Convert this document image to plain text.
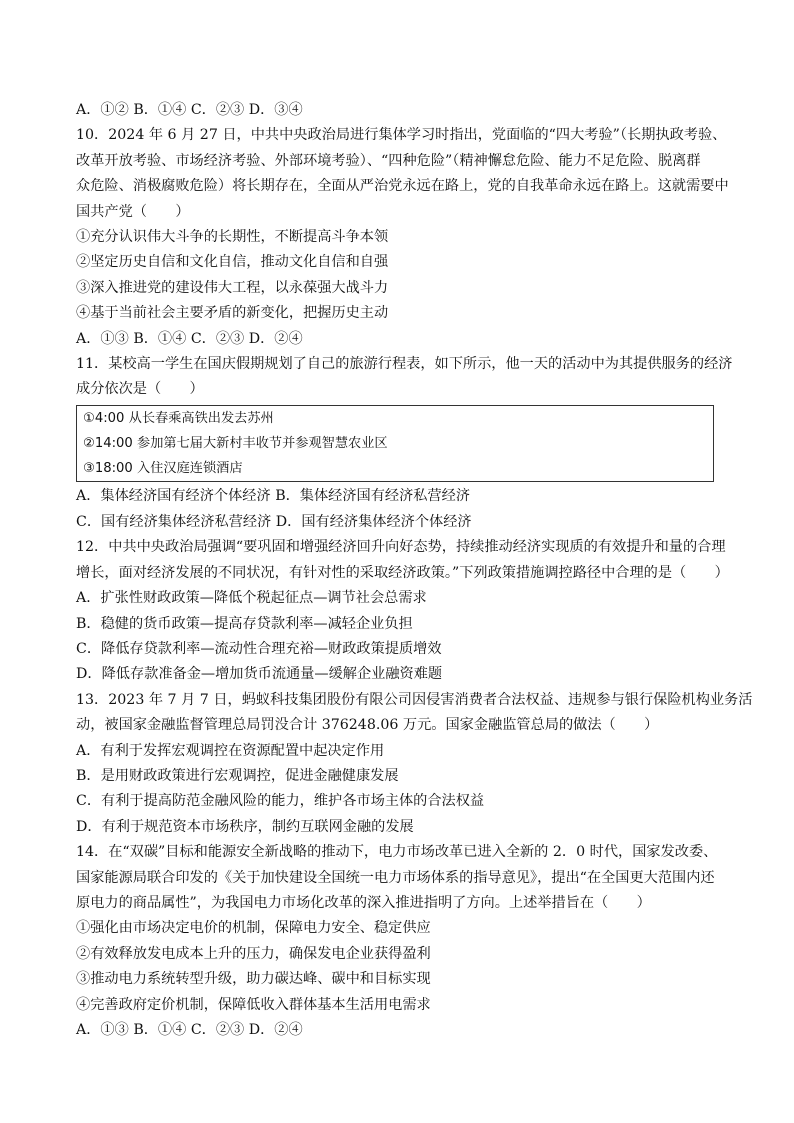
A．①② B．①④ C．②③ D．③④
10．2024 年 6 月 27 日，中共中央政治局进行集体学习时指出，党面临的“四大考验”（长期执政考验、
改革开放考验、市场经济考验、外部环境考验）、“四种危险”（精神懈怠危险、能力不足危险、脱离群
众危险、消极腐败危险）将长期存在，全面从严治党永远在路上，党的自我革命永远在路上。这就需要中
国共产党（　　）
①充分认识伟大斗争的长期性，不断提高斗争本领
②坚定历史自信和文化自信，推动文化自信和自强
③深入推进党的建设伟大工程，以永葆强大战斗力
④基于当前社会主要矛盾的新变化，把握历史主动
A．①③ B．①④ C．②③ D．②④
11．某校高一学生在国庆假期规划了自己的旅游行程表，如下所示，他一天的活动中为其提供服务的经济
成分依次是（　　）
①4:00 从长春乘高铁出发去苏州
②14:00 参加第七届大新村丰收节并参观智慧农业区
③18:00 入住汉庭连锁酒店
A．集体经济国有经济个体经济 B．集体经济国有经济私营经济
C．国有经济集体经济私营经济 D．国有经济集体经济个体经济
12．中共中央政治局强调“要巩固和增强经济回升向好态势，持续推动经济实现质的有效提升和量的合理
增长，面对经济发展的不同状况，有针对性的采取经济政策。”下列政策措施调控路径中合理的是（　　）
A．扩张性财政政策—降低个税起征点—调节社会总需求
B．稳健的货币政策—提高存贷款利率—减轻企业负担
C．降低存贷款利率—流动性合理充裕—财政政策提质增效
D．降低存款准备金—增加货币流通量—缓解企业融资难题
13．2023 年 7 月 7 日，蚂蚁科技集团股份有限公司因侵害消费者合法权益、违规参与银行保险机构业务活
动，被国家金融监督管理总局罚没合计 376248.06 万元。国家金融监管总局的做法（　　）
A．有利于发挥宏观调控在资源配置中起决定作用
B．是用财政政策进行宏观调控，促进金融健康发展
C．有利于提高防范金融风险的能力，维护各市场主体的合法权益
D．有利于规范资本市场秩序，制约互联网金融的发展
14．在“双碳”目标和能源安全新战略的推动下，电力市场改革已进入全新的 2．0 时代，国家发改委、
国家能源局联合印发的《关于加快建设全国统一电力市场体系的指导意见》，提出“在全国更大范围内还
原电力的商品属性”，为我国电力市场化改革的深入推进指明了方向。上述举措旨在（　　）
①强化由市场决定电价的机制，保障电力安全、稳定供应
②有效释放发电成本上升的压力，确保发电企业获得盈利
③推动电力系统转型升级，助力碳达峰、碳中和目标实现
④完善政府定价机制，保障低收入群体基本生活用电需求
A．①③ B．①④ C．②③ D．②④
